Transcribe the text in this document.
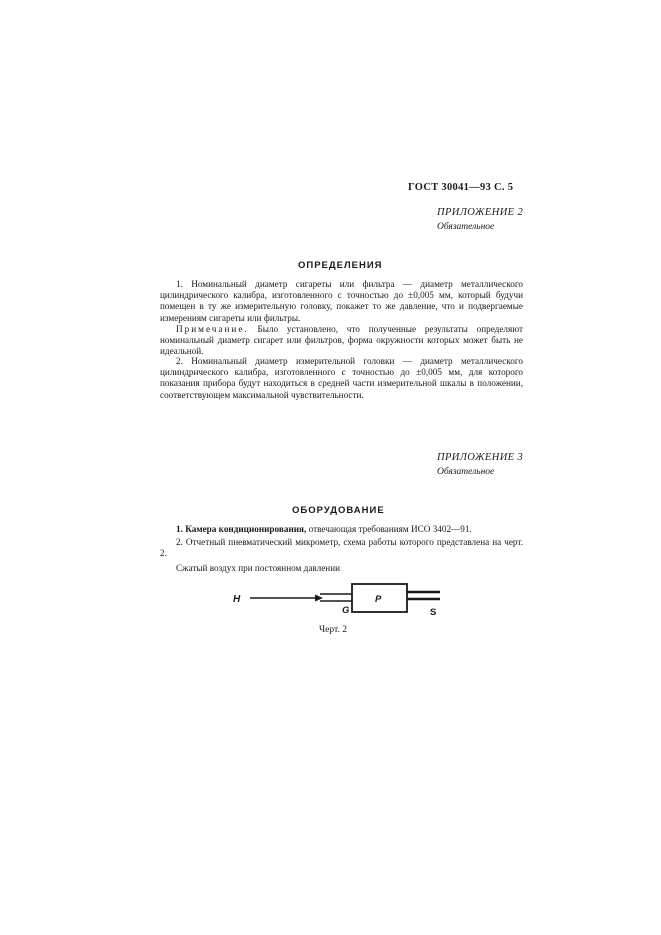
ГОСТ 30041—93 С. 5
ПРИЛОЖЕНИЕ 2
Обязательное
ОПРЕДЕЛЕНИЯ

1. Номинальный диаметр сигареты или фильтра — диаметр металлического цилиндрического калибра, изготовленного с точностью до ±0,005 мм, который будучи помещен в ту же измерительную головку, покажет то же давление, что и подвергаемые измерениям сигареты или фильтры.

Примечание. Было установлено, что полученные результаты определяют номинальный диаметр сигарет или фильтров, форма окружности которых может быть не идеальной.

2. Номинальный диаметр измерительной головки — диаметр металлического цилиндрического калибра, изготовленного с точностью до ±0,005 мм, для которого показания прибора будут находиться в средней части измерительной шкалы в положении, соответствующем максимальной чувствительности.

ПРИЛОЖЕНИЕ 3
Обязательное
ОБОРУДОВАНИЕ

1. Камера кондиционирования, отвечающая требованиям ИСО 3402—91.

2. Отчетный пневматический микрометр, схема работы которого представлена на черт. 2.

Сжатый воздух при постоянном давлении

H
G
P
S
Черт. 2
